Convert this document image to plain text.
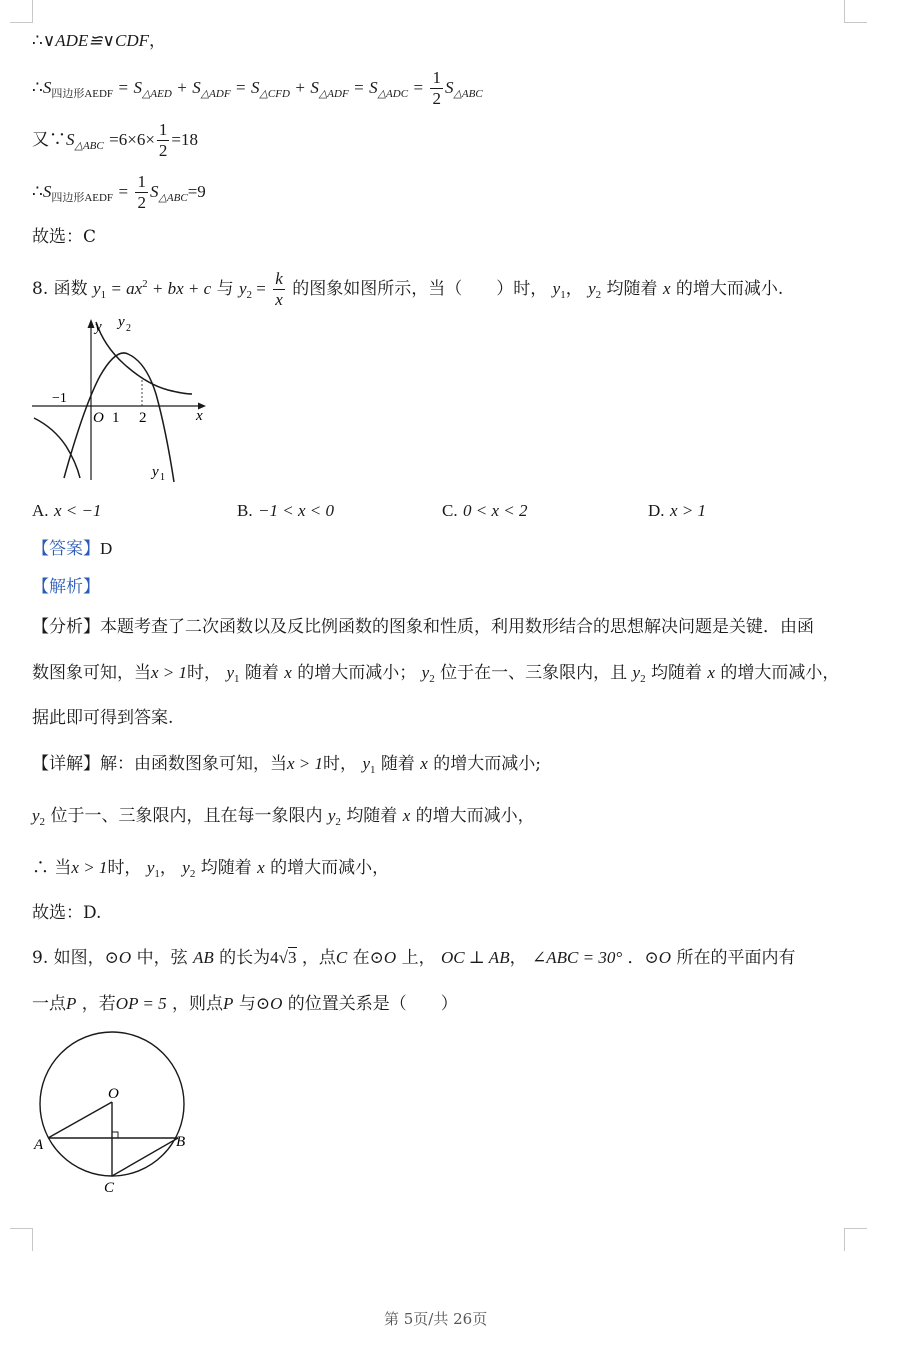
∴∨ADE≌∨CDF，
$\therefore S_{四边形AEDF} = S_{\triangle AED} + S_{\triangle ADF} = S_{\triangle CFD} + S_{\triangle ADF} = S_{\triangle ADC} = \frac{1}{2} S_{\triangle ABC}$
又$\because S_{\triangle ABC} =6\times 6\times \frac{1}{2} =18$
$\therefore S_{四边形AEDF} = \frac{1}{2} S_{\triangle ABC}=9$
故选：C
8. 函数 $y_1 = ax^2$ + bx + c 与 $y_2 = \frac{k}{x}$ 的图象如图所示，当（　　）时， $y_1$， $y_2$ 均随着 x 的增大而减小.
y y 2
−1
O 1 2	x
y 1
A. x < −1	B. −1 < x < 0	C. 0 < x < 2	D. x > 1
【答案】D
【解析】
【分析】本题考查了二次函数以及反比例函数的图象和性质，利用数形结合的思想解决问题是关键．由函
数图象可知，当x > 1时， $y_1$ 随着 x 的增大而减小； $y_2$ 位于在一、三象限内，且 $y_2$ 均随着 x 的增大而减小，
据此即可得到答案.
【详解】解：由函数图象可知，当x > 1时， $y_1$ 随着 x 的增大而减小;
$y_2$ 位于一、三象限内，且在每一象限内 $y_2$ 均随着 x 的增大而减小，
∴ 当x > 1时， $y_1$， $y_2$ 均随着 x 的增大而减小，
故选：D.
9. 如图，⊙O 中，弦 AB 的长为4√3 ，点C 在⊙O 上， OC ⊥ AB， ∠ABC = 30° ．⊙O 所在的平面内有
一点P ，若OP = 5 ，则点P 与⊙O 的位置关系是（　　）
O
A	B
C
第 5页/共 26页
